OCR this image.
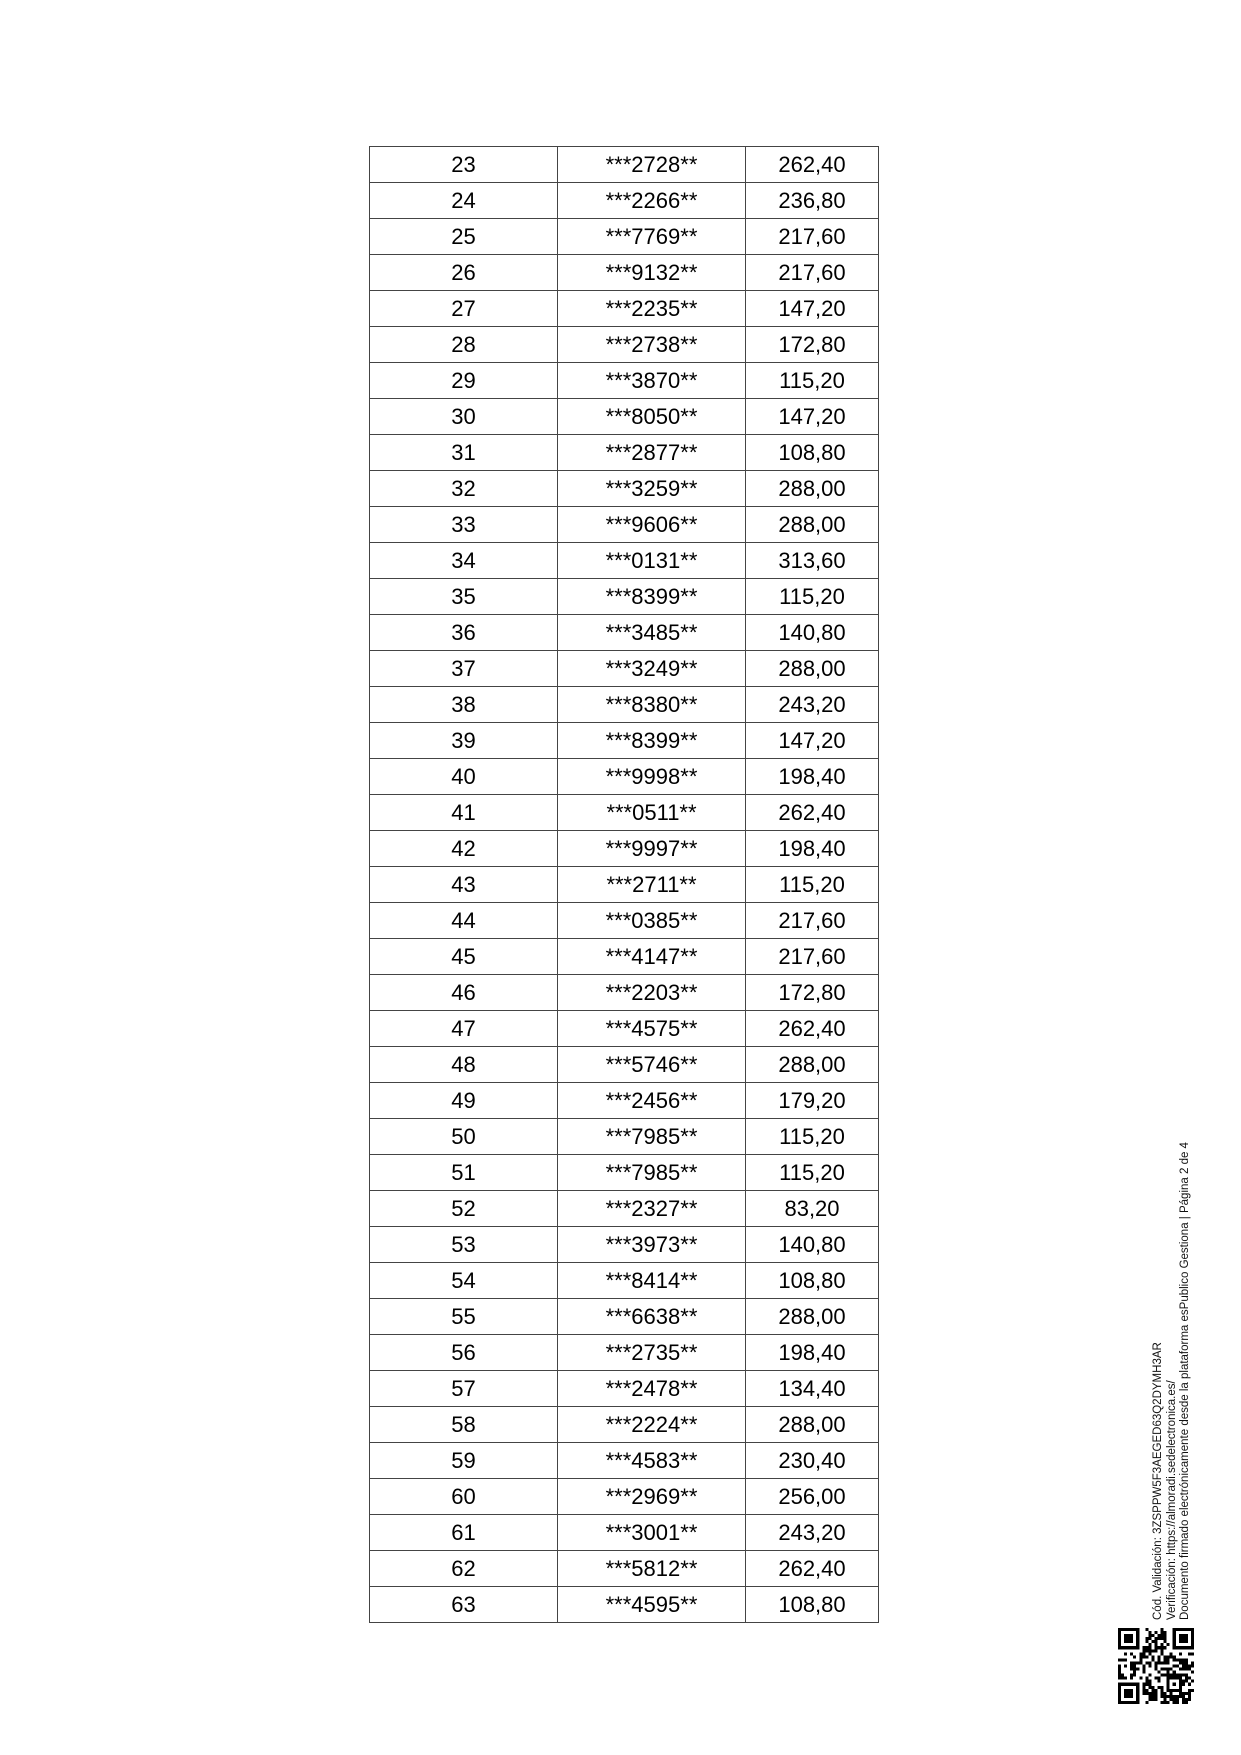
23	***2728**	262,40
24	***2266**	236,80
25	***7769**	217,60
26	***9132**	217,60
27	***2235**	147,20
28	***2738**	172,80
29	***3870**	115,20
30	***8050**	147,20
31	***2877**	108,80
32	***3259**	288,00
33	***9606**	288,00
34	***0131**	313,60
35	***8399**	115,20
36	***3485**	140,80
37	***3249**	288,00
38	***8380**	243,20
39	***8399**	147,20
40	***9998**	198,40
41	***0511**	262,40
42	***9997**	198,40
43	***2711**	115,20
44	***0385**	217,60
45	***4147**	217,60
46	***2203**	172,80
47	***4575**	262,40
48	***5746**	288,00
49	***2456**	179,20
50	***7985**	115,20
51	***7985**	115,20
52	***2327**	83,20
53	***3973**	140,80
54	***8414**	108,80
55	***6638**	288,00
56	***2735**	198,40
57	***2478**	134,40
58	***2224**	288,00
59	***4583**	230,40
60	***2969**	256,00
61	***3001**	243,20
62	***5812**	262,40
63	***4595**	108,80	Cód. Validación: 3ZSPPW5F3AEGED63Q2DYMH3AR Verificación: https://almoradi.sedelectronica.es/ Documento firmado electrónicamente desde la plataforma esPublico Gestiona | Página 2 de 4
